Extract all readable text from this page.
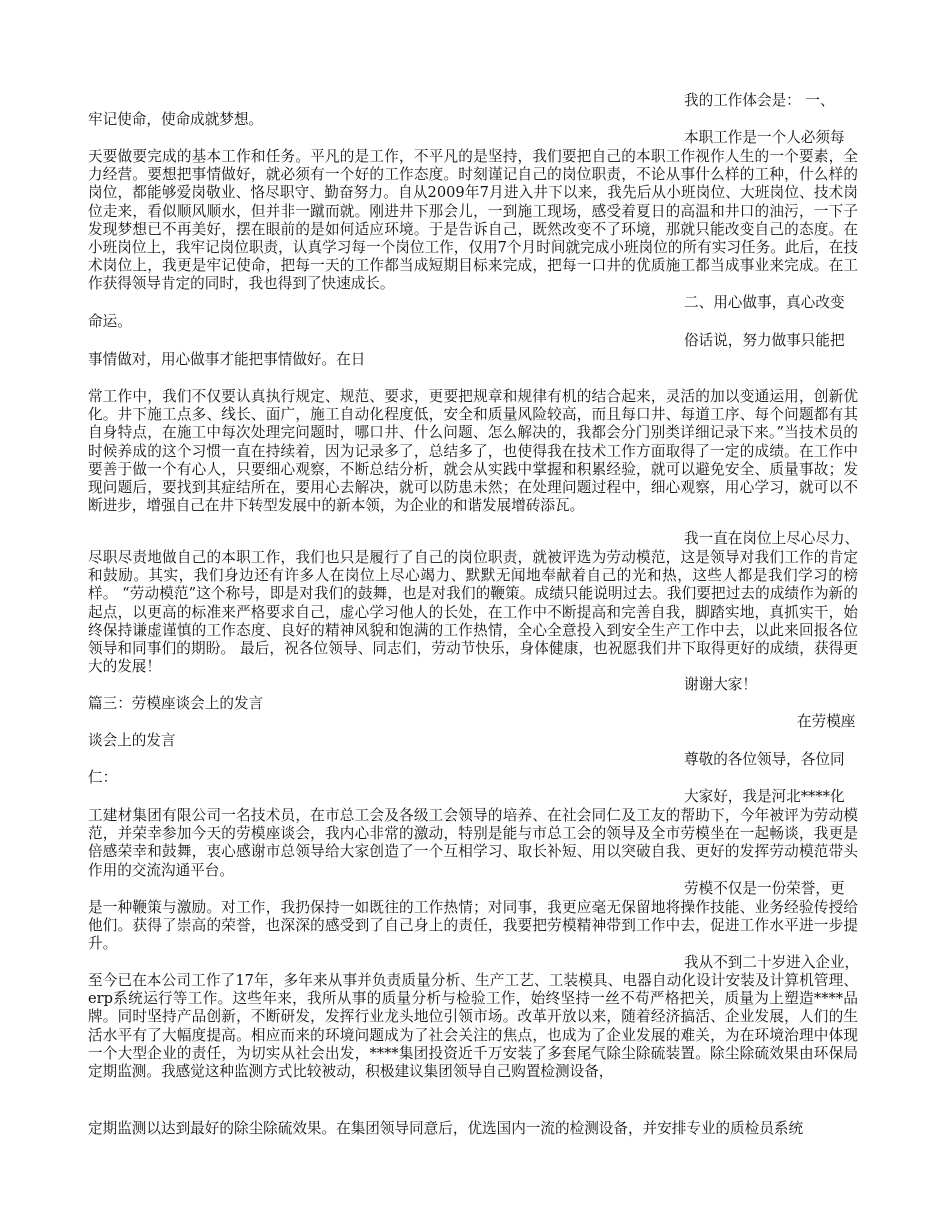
我的工作体会是： 一、
牢记使命，使命成就梦想。
本职工作是一个人必须每

天要做要完成的基本工作和任务。平凡的是工作，不平凡的是坚持，我们要把自己的本职工作视作人生的一个要素，全力经营。要想把事情做好，就必须有一个好的工作态度。时刻谨记自己的岗位职责，不论从事什么样的工种，什么样的岗位，都能够爱岗敬业、恪尽职守、勤奋努力。自从2009年7月进入井下以来，我先后从小班岗位、大班岗位、技术岗位走来，看似顺风顺水，但并非一蹴而就。刚进井下那会儿，一到施工现场，感受着夏日的高温和井口的油污，一下子发现梦想已不再美好，摆在眼前的是如何适应环境。于是告诉自己，既然改变不了环境，那就只能改变自己的态度。在小班岗位上，我牢记岗位职责，认真学习每一个岗位工作，仅用7个月时间就完成小班岗位的所有实习任务。此后，在技术岗位上，我更是牢记使命，把每一天的工作都当成短期目标来完成，把每一口井的优质施工都当成事业来完成。在工作获得领导肯定的同时，我也得到了快速成长。

二、用心做事，真心改变
命运。
俗话说，努力做事只能把
事情做对，用心做事才能把事情做好。在日

常工作中，我们不仅要认真执行规定、规范、要求，更要把规章和规律有机的结合起来，灵活的加以变通运用，创新优化。井下施工点多、线长、面广，施工自动化程度低，安全和质量风险较高，而且每口井、每道工序、每个问题都有其自身特点，在施工中每次处理完问题时，哪口井、什么问题、怎么解决的，我都会分门别类详细记录下来。”当技术员的时候养成的这个习惯一直在持续着，因为记录多了，总结多了，也使得我在技术工作方面取得了一定的成绩。在工作中要善于做一个有心人，只要细心观察，不断总结分析，就会从实践中掌握和积累经验，就可以避免安全、质量事故；发现问题后，要找到其症结所在，要用心去解决，就可以防患未然；在处理问题过程中，细心观察，用心学习，就可以不断进步，增强自己在井下转型发展中的新本领，为企业的和谐发展增砖添瓦。

我一直在岗位上尽心尽力、

尽职尽责地做自己的本职工作，我们也只是履行了自己的岗位职责，就被评选为劳动模范，这是领导对我们工作的肯定和鼓励。其实，我们身边还有许多人在岗位上尽心竭力、默默无闻地奉献着自己的光和热，这些人都是我们学习的榜样。 “劳动模范”这个称号，即是对我们的鼓舞，也是对我们的鞭策。成绩只能说明过去。我们要把过去的成绩作为新的起点，以更高的标准来严格要求自己，虚心学习他人的长处，在工作中不断提高和完善自我，脚踏实地，真抓实干，始终保持谦虚谨慎的工作态度、良好的精神风貌和饱满的工作热情，全心全意投入到安全生产工作中去，以此来回报各位领导和同事们的期盼。 最后，祝各位领导、同志们，劳动节快乐，身体健康，也祝愿我们井下取得更好的成绩，获得更大的发展！

谢谢大家！
篇三：劳模座谈会上的发言
在劳模座
谈会上的发言
尊敬的各位领导，各位同
仁：
大家好，我是河北****化

工建材集团有限公司一名技术员，在市总工会及各级工会领导的培养、在社会同仁及工友的帮助下，今年被评为劳动模范，并荣幸参加今天的劳模座谈会，我内心非常的激动，特别是能与市总工会的领导及全市劳模坐在一起畅谈，我更是倍感荣幸和鼓舞，衷心感谢市总领导给大家创造了一个互相学习、取长补短、用以突破自我、更好的发挥劳动模范带头作用的交流沟通平台。

劳模不仅是一份荣誉，更

是一种鞭策与激励。对工作，我扔保持一如既往的工作热情；对同事，我更应毫无保留地将操作技能、业务经验传授给他们。获得了崇高的荣誉，也深深的感受到了自己身上的责任，我要把劳模精神带到工作中去，促进工作水平进一步提升。

我从不到二十岁进入企业，

至今已在本公司工作了17年，多年来从事并负责质量分析、生产工艺、工装模具、电器自动化设计安装及计算机管理、erp系统运行等工作。这些年来，我所从事的质量分析与检验工作，始终坚持一丝不苟严格把关，质量为上塑造****品牌。同时坚持产品创新，不断研发，发挥行业龙头地位引领市场。改革开放以来，随着经济搞活、企业发展，人们的生活水平有了大幅度提高。相应而来的环境问题成为了社会关注的焦点，也成为了企业发展的难关，为在环境治理中体现一个大型企业的责任，为切实从社会出发，****集团投资近千万安装了多套尾气除尘除硫装置。除尘除硫效果由环保局定期监测。我感觉这种监测方式比较被动，积极建议集团领导自己购置检测设备，

定期监测以达到最好的除尘除硫效果。在集团领导同意后，优选国内一流的检测设备，并安排专业的质检员系统
